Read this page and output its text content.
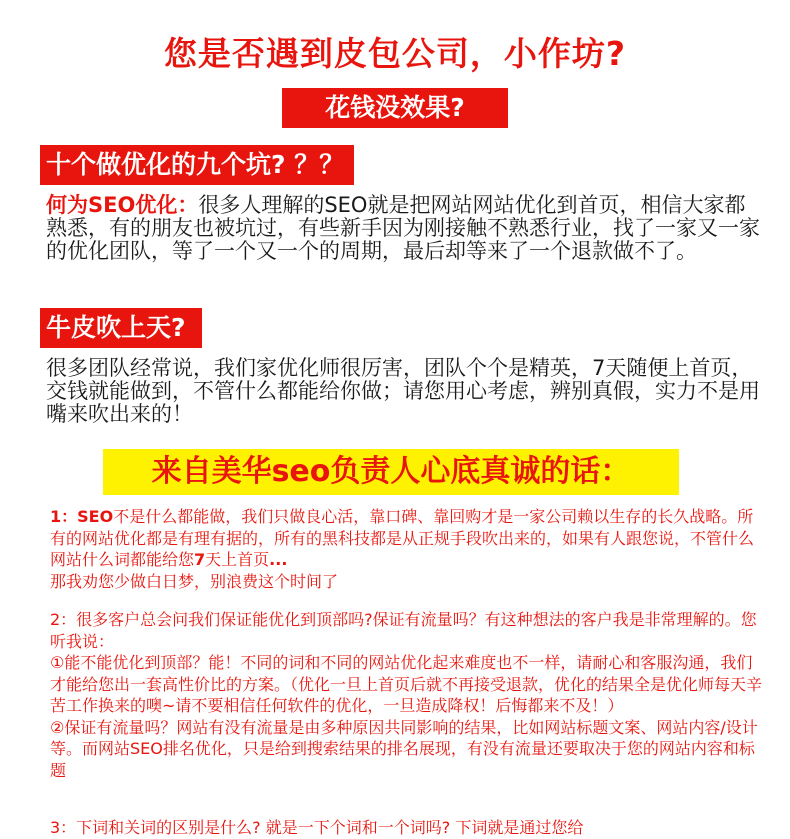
您是否遇到皮包公司，小作坊?
花钱没效果?
十个做优化的九个坑? ？？
何为SEO优化：很多人理解的SEO就是把网站网站优化到首页，相信大家都熟悉，有的朋友也被坑过，有些新手因为刚接触不熟悉行业，找了一家又一家的优化团队，等了一个又一个的周期，最后却等来了一个退款做不了。
牛皮吹上天?
很多团队经常说，我们家优化师很厉害，团队个个是精英，7天随便上首页，交钱就能做到，不管什么都能给你做；请您用心考虑，辨别真假，实力不是用嘴来吹出来的！
来自美华seo负责人心底真诚的话：
1：SEO不是什么都能做，我们只做良心活，靠口碑、靠回购才是一家公司赖以生存的长久战略。所有的网站优化都是有理有据的，所有的黑科技都是从正规手段吹出来的，如果有人跟您说，不管什么网站什么词都能给您7天上首页...
那我劝您少做白日梦，别浪费这个时间了
2：很多客户总会问我们保证能优化到顶部吗?保证有流量吗？有这种想法的客户我是非常理解的。您听我说：
①能不能优化到顶部？能！不同的词和不同的网站优化起来难度也不一样，请耐心和客服沟通，我们才能给您出一套高性价比的方案。（优化一旦上首页后就不再接受退款，优化的结果全是优化师每天辛苦工作换来的噢~请不要相信任何软件的优化，一旦造成降权！后悔都来不及！）
②保证有流量吗？网站有没有流量是由多种原因共同影响的结果，比如网站标题文案、网站内容/设计等。而网站SEO排名优化，只是给到搜索结果的排名展现，有没有流量还要取决于您的网站内容和标题
3：下词和关词的区别是什么? 就是一下个词和一个词吗? 下词就是通过您给
